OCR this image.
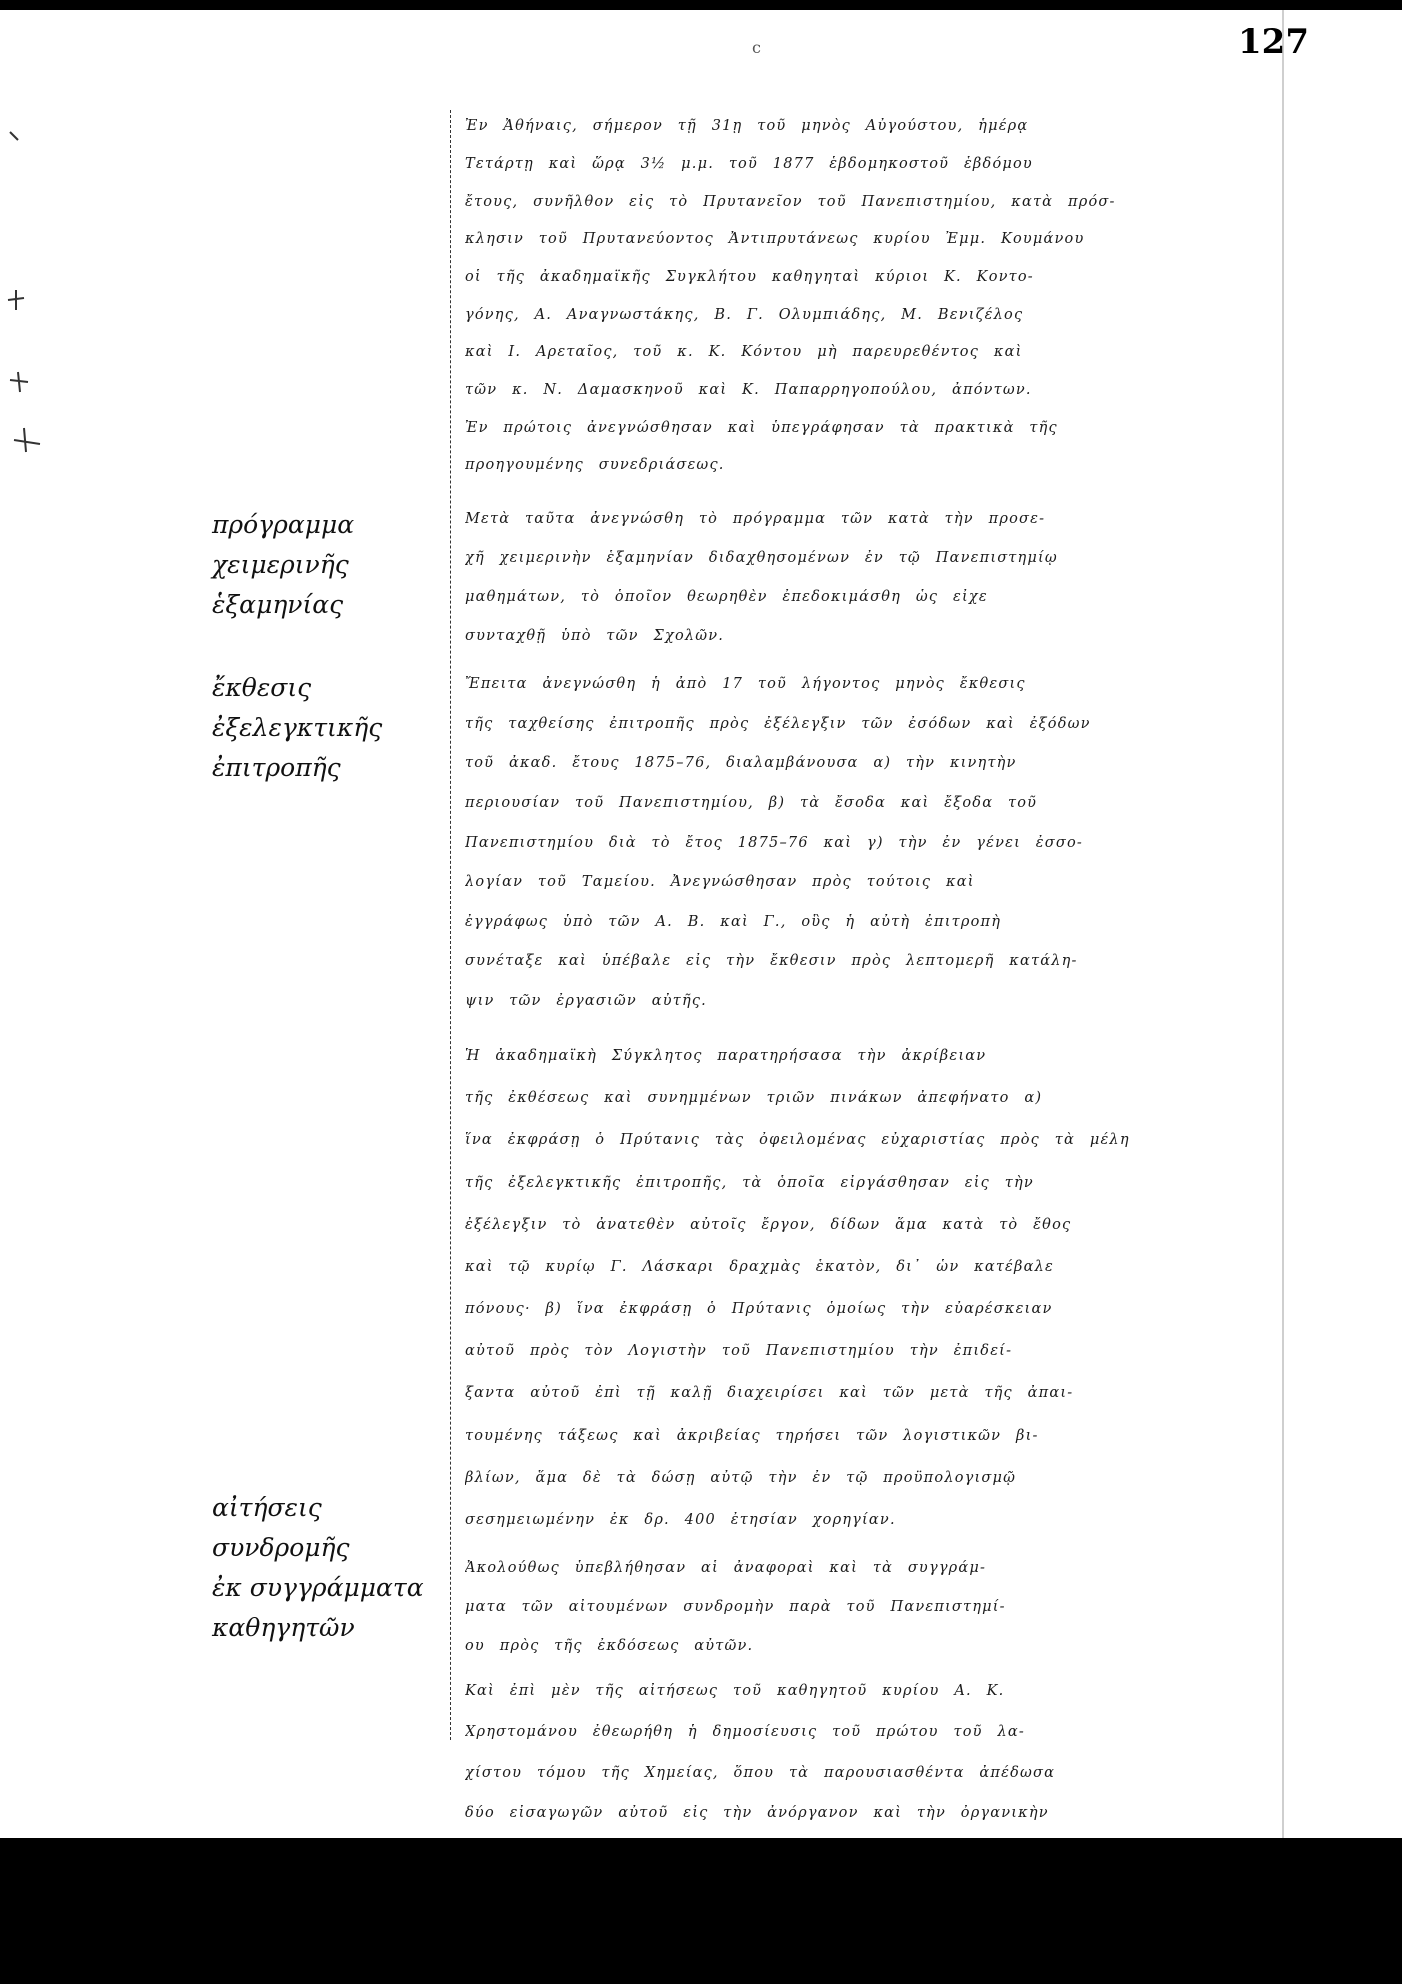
127
ⅽ
Ἐν Ἀθήναις, σήμερον τῇ 31ῃ τοῦ μηνὸς Αὐγούστου, ἡμέρᾳ
Τετάρτῃ καὶ ὥρᾳ 3½ μ.μ. τοῦ 1877 ἑβδομηκοστοῦ ἑβδόμου
ἔτους, συνῆλθον εἰς τὸ Πρυτανεῖον τοῦ Πανεπιστημίου, κατὰ πρόσ-
κλησιν τοῦ Πρυτανεύοντος Ἀντιπρυτάνεως κυρίου Ἐμμ. Κουμάνου
οἱ τῆς ἀκαδημαϊκῆς Συγκλήτου καθηγηταὶ κύριοι Κ. Κοντο-
γόνης, Α. Αναγνωστάκης, Β. Γ. Ολυμπιάδης, Μ. Βενιζέλος
καὶ Ι. Αρεταῖος, τοῦ κ. Κ. Κόντου μὴ παρευρεθέντος καὶ
τῶν κ. Ν. Δαμασκηνοῦ καὶ Κ. Παπαρρηγοπούλου, ἀπόντων.
Ἐν πρώτοις ἀνεγνώσθησαν καὶ ὑπεγράφησαν τὰ πρακτικὰ τῆς
προηγουμένης συνεδριάσεως.
Μετὰ ταῦτα ἀνεγνώσθη τὸ πρόγραμμα τῶν κατὰ τὴν προσε-
χῆ χειμερινὴν ἑξαμηνίαν διδαχθησομένων ἐν τῷ Πανεπιστημίῳ
μαθημάτων, τὸ ὁποῖον θεωρηθὲν ἐπεδοκιμάσθη ὡς εἶχε
συνταχθῇ ὑπὸ τῶν Σχολῶν.
Ἔπειτα ἀνεγνώσθη ἡ ἀπὸ 17 τοῦ λήγοντος μηνὸς ἔκθεσις
τῆς ταχθείσης ἐπιτροπῆς πρὸς ἐξέλεγξιν τῶν ἐσόδων καὶ ἐξόδων
τοῦ ἀκαδ. ἔτους 1875–76, διαλαμβάνουσα α) τὴν κινητὴν
περιουσίαν τοῦ Πανεπιστημίου, β) τὰ ἔσοδα καὶ ἔξοδα τοῦ
Πανεπιστημίου διὰ τὸ ἔτος 1875–76 καὶ γ) τὴν ἐν γένει ἐσσο-
λογίαν τοῦ Ταμείου. Ἀνεγνώσθησαν πρὸς τούτοις καὶ
ἐγγράφως ὑπὸ τῶν Α. Β. καὶ Γ., οὓς ἡ αὐτὴ ἐπιτροπὴ
συνέταξε καὶ ὑπέβαλε εἰς τὴν ἔκθεσιν πρὸς λεπτομερῆ κατάλη-
ψιν τῶν ἐργασιῶν αὐτῆς.
Ἡ ἀκαδημαϊκὴ Σύγκλητος παρατηρήσασα τὴν ἀκρίβειαν
τῆς ἐκθέσεως καὶ συνημμένων τριῶν πινάκων ἀπεφήνατο α)
ἵνα ἐκφράσῃ ὁ Πρύτανις τὰς ὀφειλομένας εὐχαριστίας πρὸς τὰ μέλη
τῆς ἐξελεγκτικῆς ἐπιτροπῆς, τὰ ὁποῖα εἰργάσθησαν εἰς τὴν
ἐξέλεγξιν τὸ ἀνατεθὲν αὐτοῖς ἔργον, δίδων ἅμα κατὰ τὸ ἔθος
καὶ τῷ κυρίῳ Γ. Λάσκαρι δραχμὰς ἑκατὸν, δι᾿ ὧν κατέβαλε
πόνους· β) ἵνα ἐκφράσῃ ὁ Πρύτανις ὁμοίως τὴν εὐαρέσκειαν
αὐτοῦ πρὸς τὸν Λογιστὴν τοῦ Πανεπιστημίου τὴν ἐπιδεί-
ξαντα αὐτοῦ ἐπὶ τῇ καλῇ διαχειρίσει καὶ τῶν μετὰ τῆς ἀπαι-
τουμένης τάξεως καὶ ἀκριβείας τηρήσει τῶν λογιστικῶν βι-
βλίων, ἅμα δὲ τὰ δώσῃ αὐτῷ τὴν ἐν τῷ προϋπολογισμῷ
σεσημειωμένην ἐκ δρ. 400 ἐτησίαν χορηγίαν.
Ἀκολούθως ὑπεβλήθησαν αἱ ἀναφοραὶ καὶ τὰ συγγράμ-
ματα τῶν αἰτουμένων συνδρομὴν παρὰ τοῦ Πανεπιστημί-
ου πρὸς τῆς ἐκδόσεως αὐτῶν.
Καὶ ἐπὶ μὲν τῆς αἰτήσεως τοῦ καθηγητοῦ κυρίου Α. Κ.
Χρηστομάνου ἐθεωρήθη ἡ δημοσίευσις τοῦ πρώτου τοῦ λα-
χίστου τόμου τῆς Χημείας, ὅπου τὰ παρουσιασθέντα ἀπέδωσα
δύο εἰσαγωγῶν αὐτοῦ εἰς τὴν ἀνόργανον καὶ τὴν ὀργανικὴν
πρόγραμμα
χειμερινῆς
ἑξαμηνίας
ἔκθεσις
ἐξελεγκτικῆς
ἐπιτροπῆς
αἰτήσεις
συνδρομῆς
ἐκ συγγράμματα
καθηγητῶν
